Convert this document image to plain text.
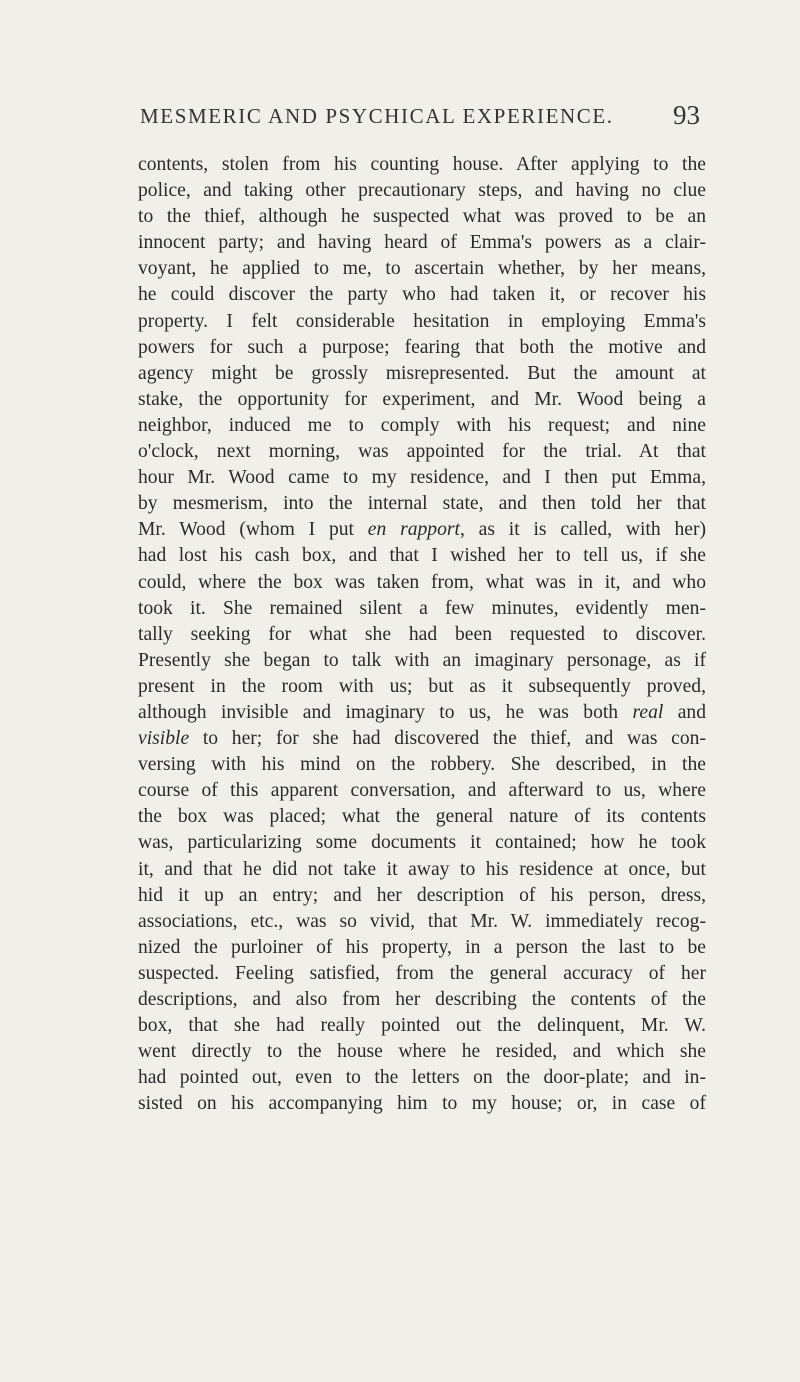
MESMERIC AND PSYCHICAL EXPERIENCE. 93
contents, stolen from his counting house. After applying to the
police, and taking other precautionary steps, and having no clue
to the thief, although he suspected what was proved to be an
innocent party; and having heard of Emma's powers as a clair-
voyant, he applied to me, to ascertain whether, by her means,
he could discover the party who had taken it, or recover his
property. I felt considerable hesitation in employing Emma's
powers for such a purpose; fearing that both the motive and
agency might be grossly misrepresented. But the amount at
stake, the opportunity for experiment, and Mr. Wood being a
neighbor, induced me to comply with his request; and nine
o'clock, next morning, was appointed for the trial. At that
hour Mr. Wood came to my residence, and I then put Emma,
by mesmerism, into the internal state, and then told her that
Mr. Wood (whom I put en rapport, as it is called, with her)
had lost his cash box, and that I wished her to tell us, if she
could, where the box was taken from, what was in it, and who
took it. She remained silent a few minutes, evidently men-
tally seeking for what she had been requested to discover.
Presently she began to talk with an imaginary personage, as if
present in the room with us; but as it subsequently proved,
although invisible and imaginary to us, he was both real and
visible to her; for she had discovered the thief, and was con-
versing with his mind on the robbery. She described, in the
course of this apparent conversation, and afterward to us, where
the box was placed; what the general nature of its contents
was, particularizing some documents it contained; how he took
it, and that he did not take it away to his residence at once, but
hid it up an entry; and her description of his person, dress,
associations, etc., was so vivid, that Mr. W. immediately recog-
nized the purloiner of his property, in a person the last to be
suspected. Feeling satisfied, from the general accuracy of her
descriptions, and also from her describing the contents of the
box, that she had really pointed out the delinquent, Mr. W.
went directly to the house where he resided, and which she
had pointed out, even to the letters on the door-plate; and in-
sisted on his accompanying him to my house; or, in case of
